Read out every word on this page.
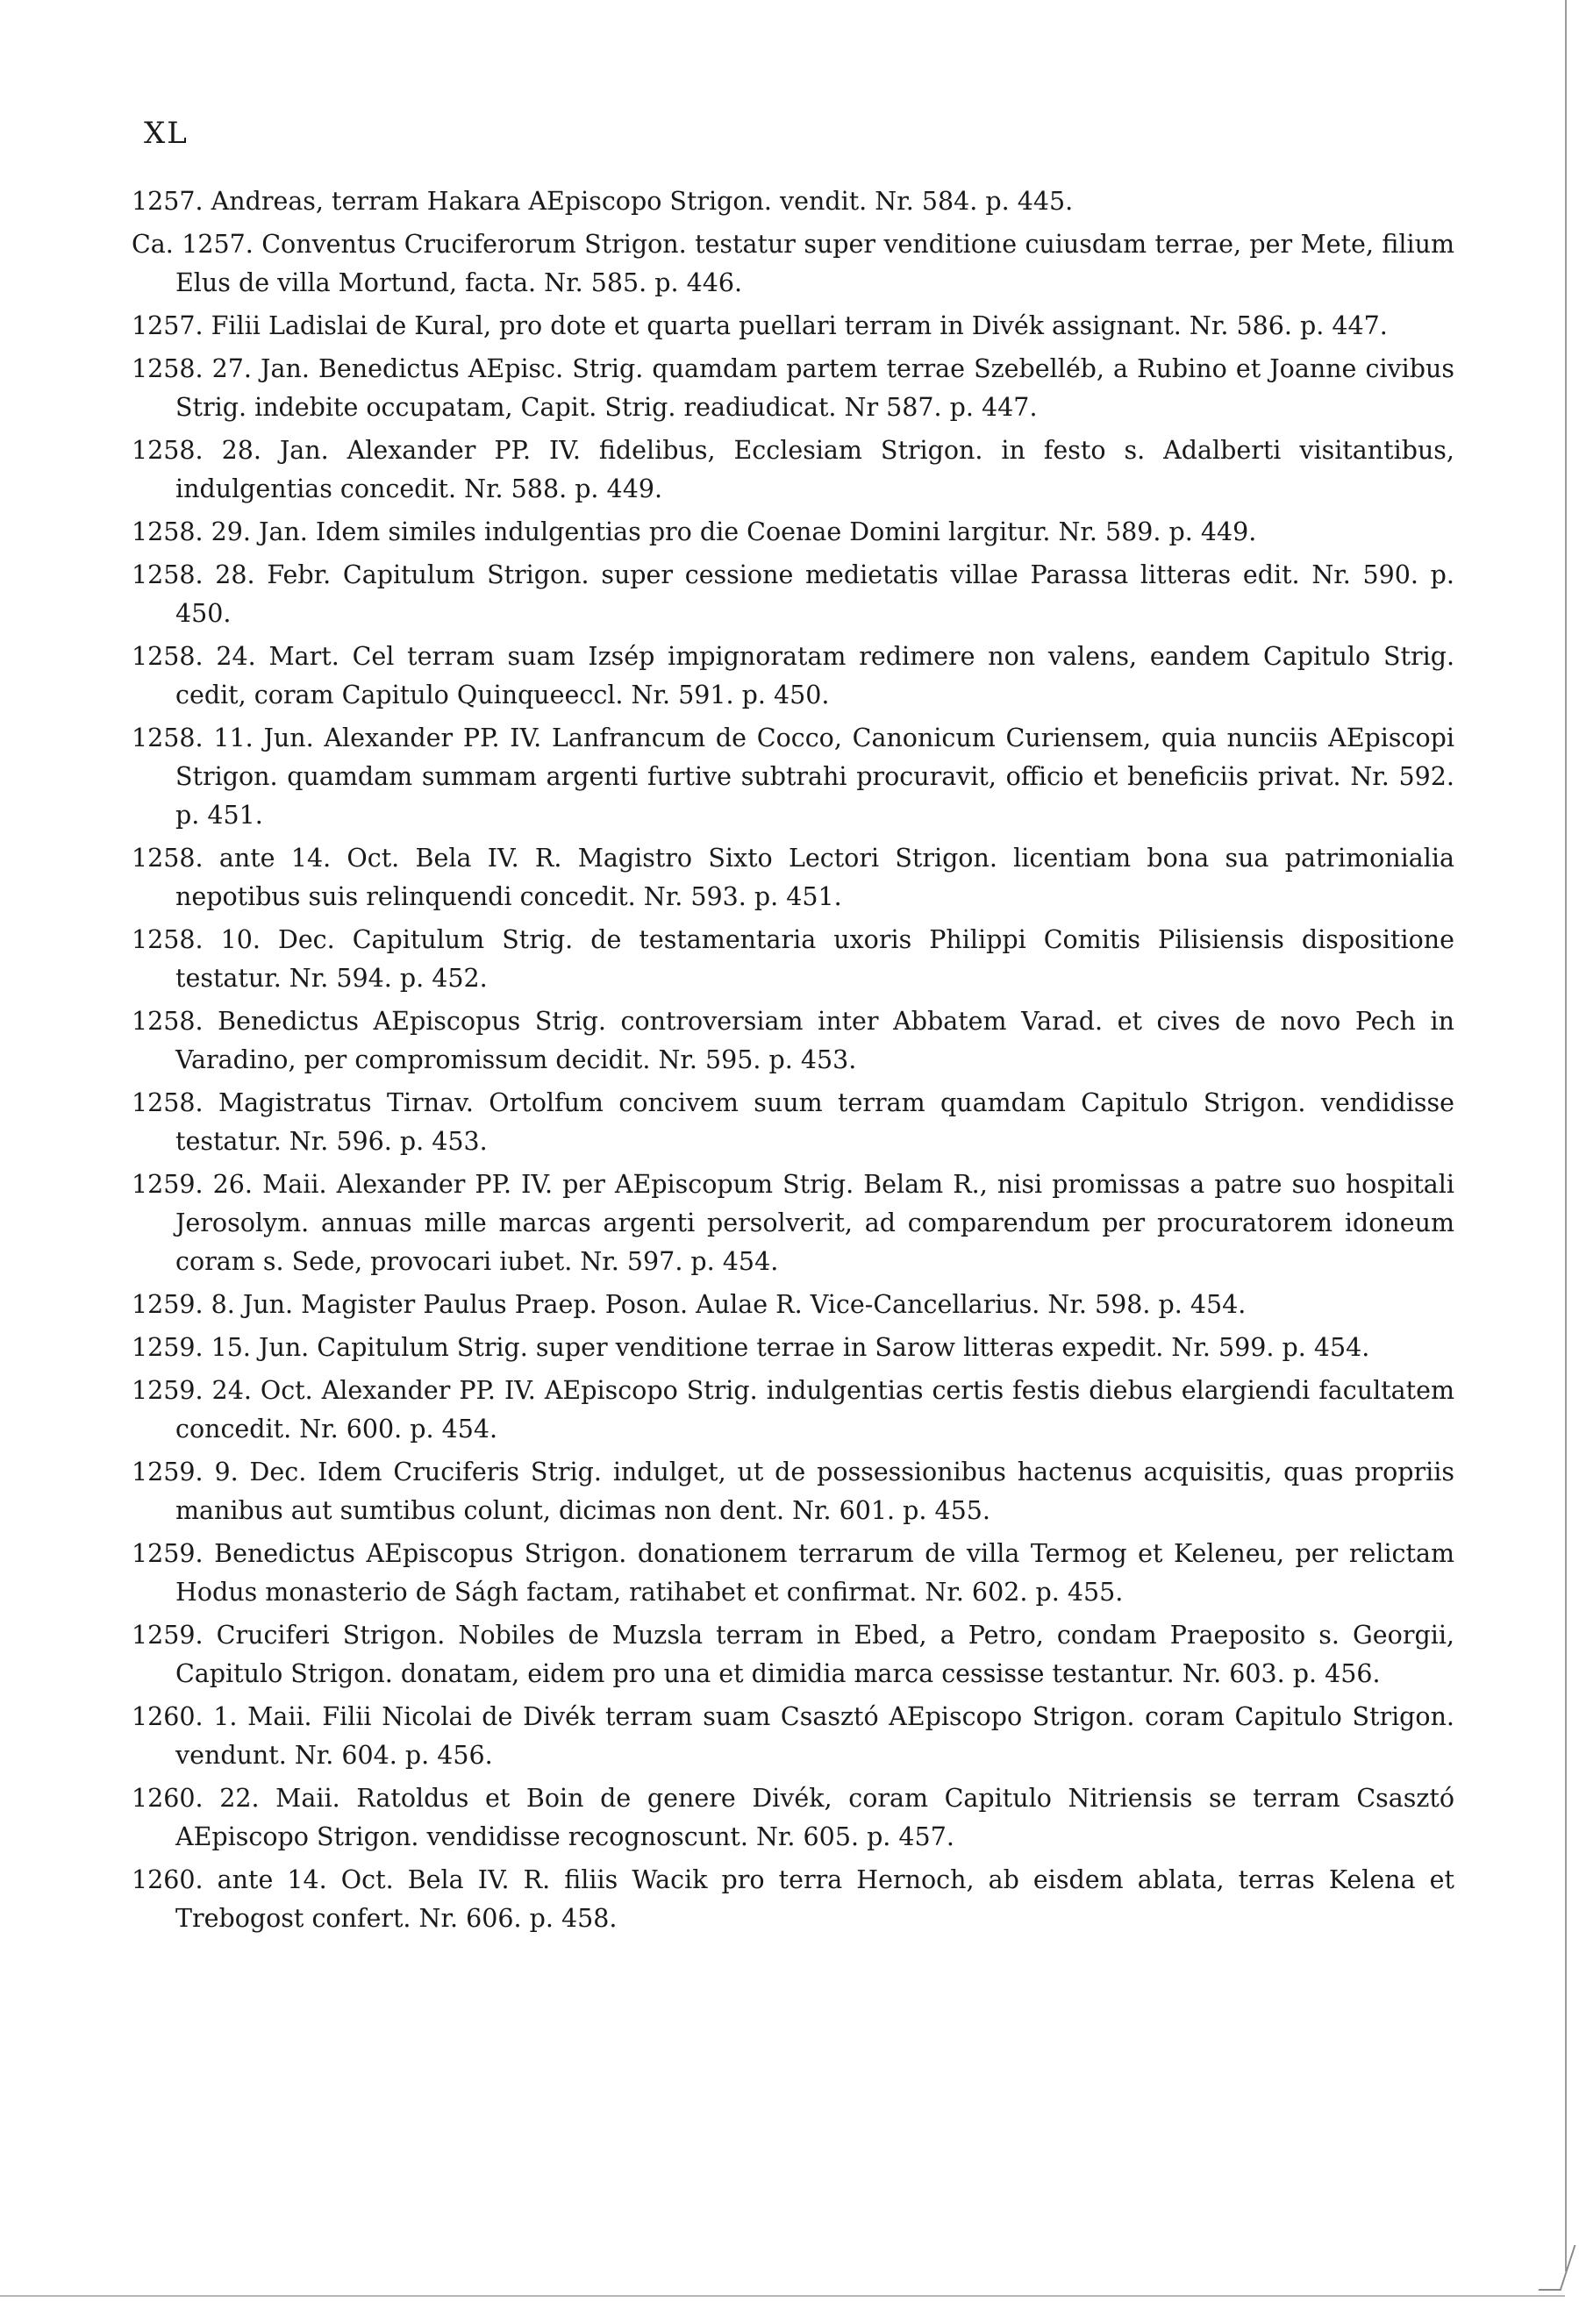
XL

1257. Andreas, terram Hakara AEpiscopo Strigon. vendit. Nr. 584. p. 445.

Ca. 1257. Conventus Cruciferorum Strigon. testatur super venditione cuiusdam terrae, per Mete, filium Elus de villa Mortund, facta. Nr. 585. p. 446.

1257. Filii Ladislai de Kural, pro dote et quarta puellari terram in Divék assignant. Nr. 586. p. 447.

1258. 27. Jan. Benedictus AEpisc. Strig. quamdam partem terrae Szebelléb, a Rubino et Joanne civibus Strig. indebite occupatam, Capit. Strig. readiudicat. Nr 587. p. 447.

1258. 28. Jan. Alexander PP. IV. fidelibus, Ecclesiam Strigon. in festo s. Adalberti visitantibus, indulgentias concedit. Nr. 588. p. 449.

1258. 29. Jan. Idem similes indulgentias pro die Coenae Domini largitur. Nr. 589. p. 449.

1258. 28. Febr. Capitulum Strigon. super cessione medietatis villae Parassa litteras edit. Nr. 590. p. 450.

1258. 24. Mart. Cel terram suam Izsép impignoratam redimere non valens, eandem Capitulo Strig. cedit, coram Capitulo Quinqueeccl. Nr. 591. p. 450.

1258. 11. Jun. Alexander PP. IV. Lanfrancum de Cocco, Canonicum Curiensem, quia nunciis AEpiscopi Strigon. quamdam summam argenti furtive subtrahi procuravit, officio et beneficiis privat. Nr. 592. p. 451.

1258. ante 14. Oct. Bela IV. R. Magistro Sixto Lectori Strigon. licentiam bona sua patrimonialia nepotibus suis relinquendi concedit. Nr. 593. p. 451.

1258. 10. Dec. Capitulum Strig. de testamentaria uxoris Philippi Comitis Pilisiensis dispositione testatur. Nr. 594. p. 452.

1258. Benedictus AEpiscopus Strig. controversiam inter Abbatem Varad. et cives de novo Pech in Varadino, per compromissum decidit. Nr. 595. p. 453.

1258. Magistratus Tirnav. Ortolfum concivem suum terram quamdam Capitulo Strigon. vendidisse testatur. Nr. 596. p. 453.

1259. 26. Maii. Alexander PP. IV. per AEpiscopum Strig. Belam R., nisi promissas a patre suo hospitali Jerosolym. annuas mille marcas argenti persolverit, ad comparendum per procuratorem idoneum coram s. Sede, provocari iubet. Nr. 597. p. 454.

1259. 8. Jun. Magister Paulus Praep. Poson. Aulae R. Vice-Cancellarius. Nr. 598. p. 454.

1259. 15. Jun. Capitulum Strig. super venditione terrae in Sarow litteras expedit. Nr. 599. p. 454.

1259. 24. Oct. Alexander PP. IV. AEpiscopo Strig. indulgentias certis festis diebus elargiendi facultatem concedit. Nr. 600. p. 454.

1259. 9. Dec. Idem Cruciferis Strig. indulget, ut de possessionibus hactenus acquisitis, quas propriis manibus aut sumtibus colunt, dicimas non dent. Nr. 601. p. 455.

1259. Benedictus AEpiscopus Strigon. donationem terrarum de villa Termog et Keleneu, per relictam Hodus monasterio de Ságh factam, ratihabet et confirmat. Nr. 602. p. 455.

1259. Cruciferi Strigon. Nobiles de Muzsla terram in Ebed, a Petro, condam Praeposito s. Georgii, Capitulo Strigon. donatam, eidem pro una et dimidia marca cessisse testantur. Nr. 603. p. 456.

1260. 1. Maii. Filii Nicolai de Divék terram suam Csasztó AEpiscopo Strigon. coram Capitulo Strigon. vendunt. Nr. 604. p. 456.

1260. 22. Maii. Ratoldus et Boin de genere Divék, coram Capitulo Nitriensis se terram Csasztó AEpiscopo Strigon. vendidisse recognoscunt. Nr. 605. p. 457.

1260. ante 14. Oct. Bela IV. R. filiis Wacik pro terra Hernoch, ab eisdem ablata, terras Kelena et Trebogost confert. Nr. 606. p. 458.
